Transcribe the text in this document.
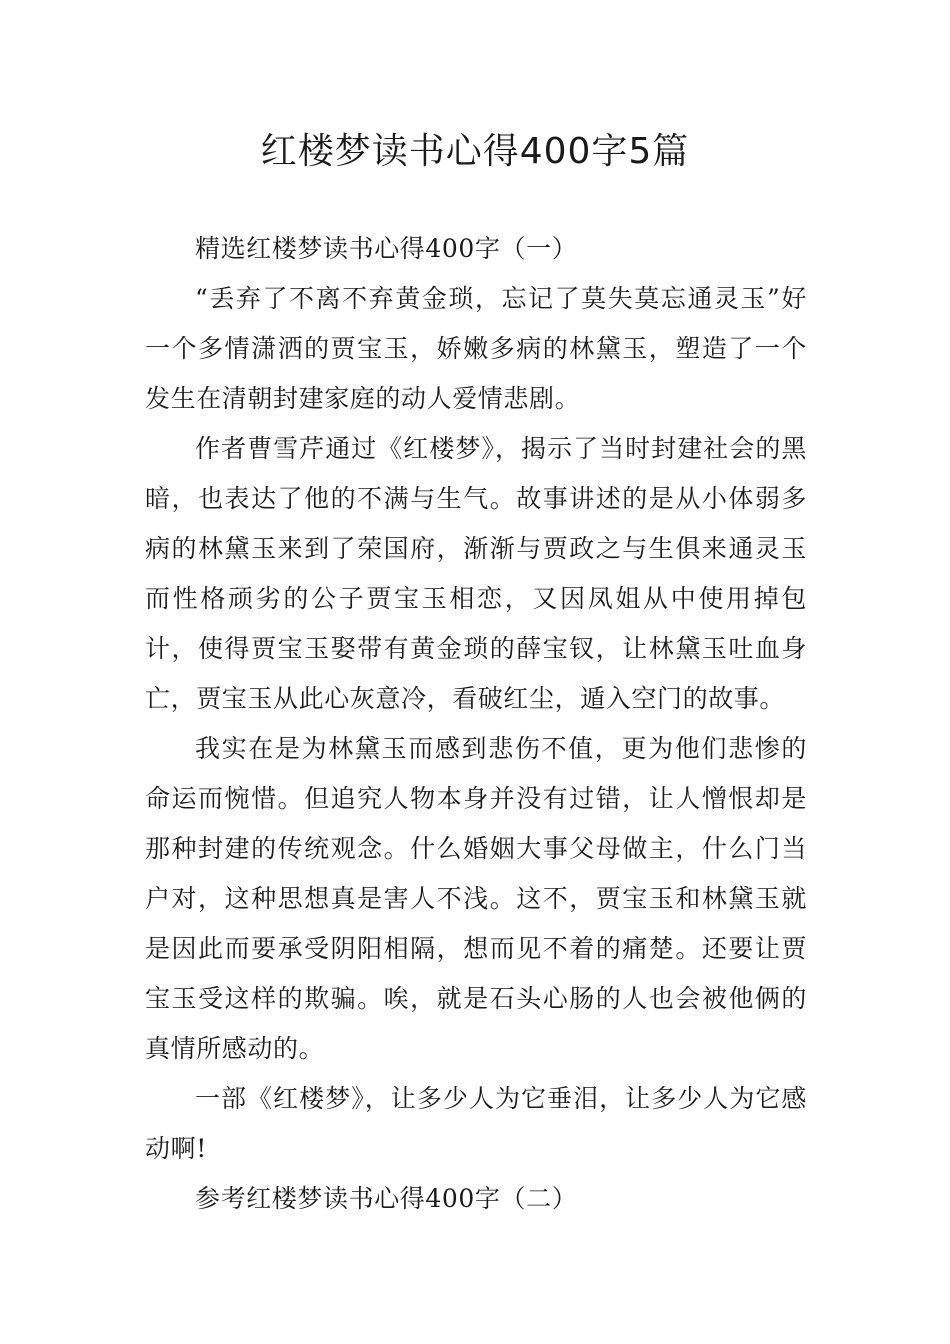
红楼梦读书心得400字5篇

精选红楼梦读书心得400字（一）

“丢弃了不离不弃黄金琐，忘记了莫失莫忘通灵玉”好一个多情潇洒的贾宝玉，娇嫩多病的林黛玉，塑造了一个发生在清朝封建家庭的动人爱情悲剧。

作者曹雪芹通过《红楼梦》，揭示了当时封建社会的黑暗，也表达了他的不满与生气。故事讲述的是从小体弱多病的林黛玉来到了荣国府，渐渐与贾政之与生俱来通灵玉而性格顽劣的公子贾宝玉相恋，又因凤姐从中使用掉包计，使得贾宝玉娶带有黄金琐的薛宝钗，让林黛玉吐血身亡，贾宝玉从此心灰意冷，看破红尘，遁入空门的故事。

我实在是为林黛玉而感到悲伤不值，更为他们悲惨的命运而惋惜。但追究人物本身并没有过错，让人憎恨却是那种封建的传统观念。什么婚姻大事父母做主，什么门当户对，这种思想真是害人不浅。这不，贾宝玉和林黛玉就是因此而要承受阴阳相隔，想而见不着的痛楚。还要让贾宝玉受这样的欺骗。唉，就是石头心肠的人也会被他俩的真情所感动的。

一部《红楼梦》，让多少人为它垂泪，让多少人为它感动啊!

参考红楼梦读书心得400字（二）
